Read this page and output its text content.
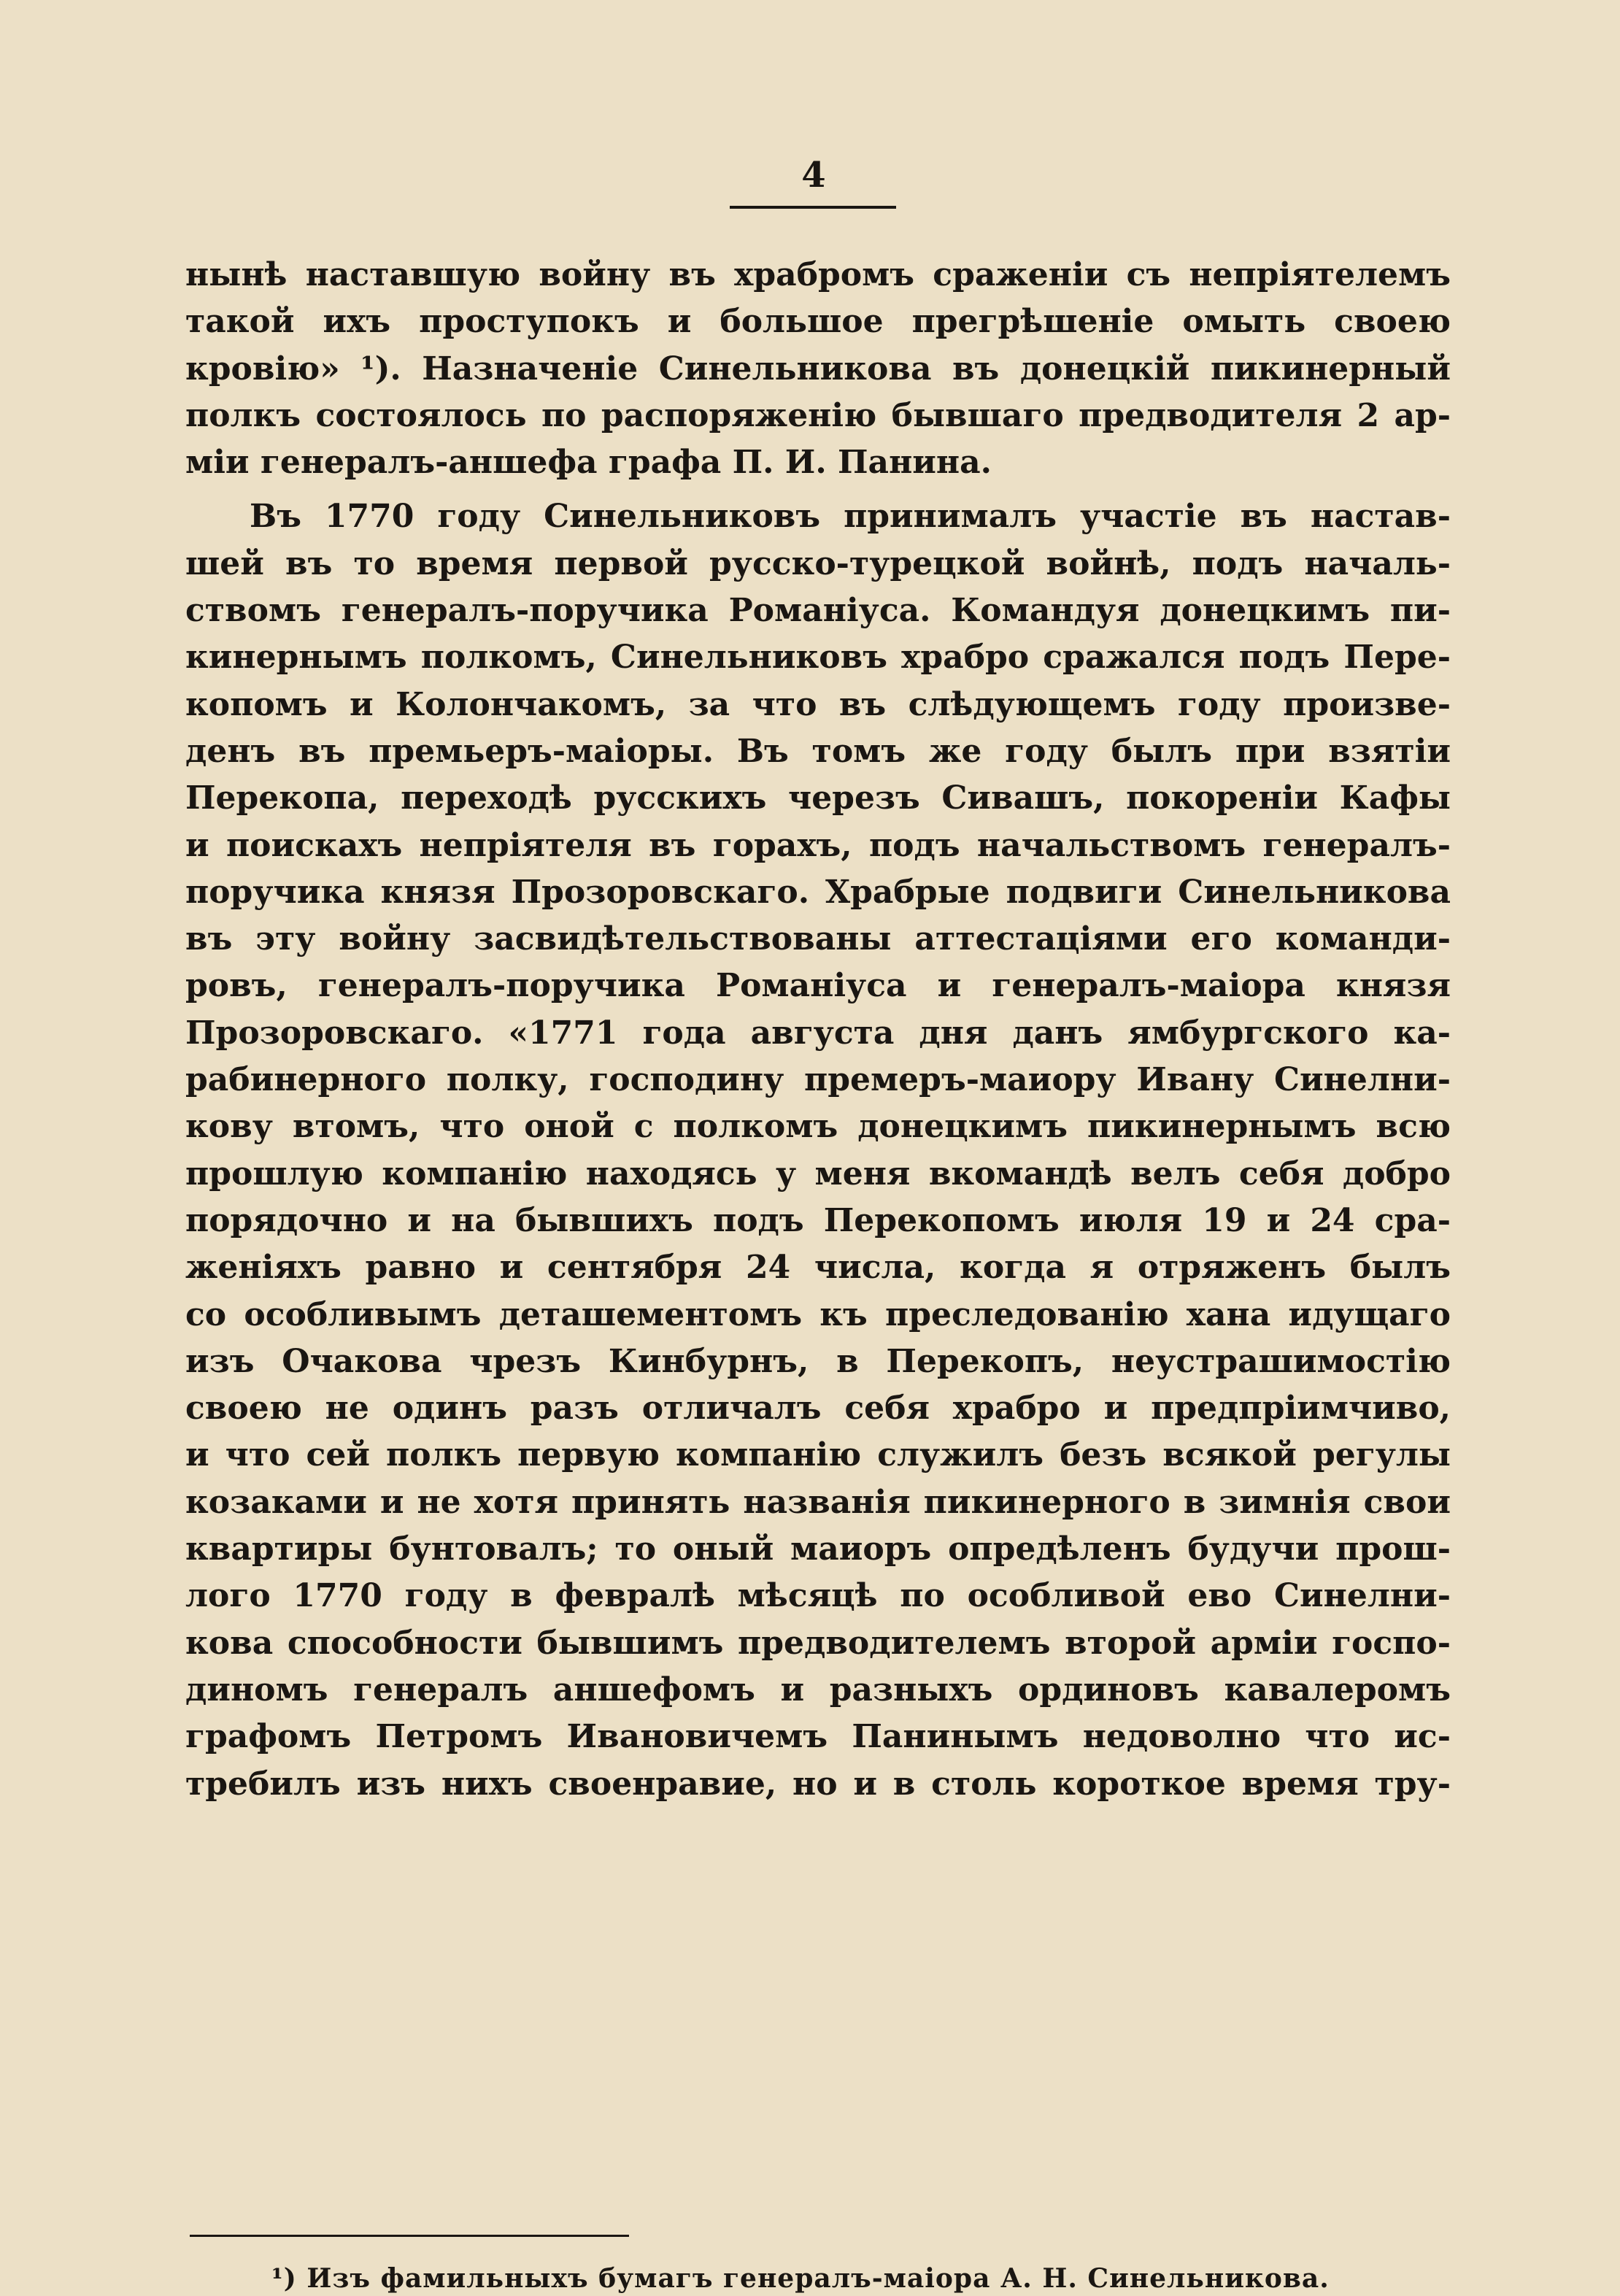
4
нынѣ наставшую войну въ храбромъ сраженіи съ непріятелемъ
такой ихъ проступокъ и большое прегрѣшеніе омыть своею
кровію» ¹). Назначеніе Синельникова въ донецкій пикинерный
полкъ состоялось по распоряженію бывшаго предводителя 2 ар-
міи генералъ-аншефа графа П. И. Панина.
Въ 1770 году Синельниковъ принималъ участіе въ настав-
шей въ то время первой русско-турецкой войнѣ, подъ началь-
ствомъ генералъ-поручика Романіуса. Командуя донецкимъ пи-
кинернымъ полкомъ, Синельниковъ храбро сражался подъ Пере-
копомъ и Колончакомъ, за что въ слѣдующемъ году произве-
денъ въ премьеръ-маіоры. Въ томъ же году былъ при взятіи
Перекопа, переходѣ русскихъ черезъ Сивашъ, покореніи Кафы
и поискахъ непріятеля въ горахъ, подъ начальствомъ генералъ-
поручика князя Прозоровскаго. Храбрые подвиги Синельникова
въ эту войну засвидѣтельствованы аттестаціями его команди-
ровъ, генералъ-поручика Романіуса и генералъ-маіора князя
Прозоровскаго. «1771 года августа дня данъ ямбургского ка-
рабинерного полку, господину премеръ-маиору Ивану Синелни-
кову втомъ, что оной с полкомъ донецкимъ пикинернымъ всю
прошлую компанію находясь у меня вкомандѣ велъ себя добро
порядочно и на бывшихъ подъ Перекопомъ июля 19 и 24 сра-
женіяхъ равно и сентября 24 числа, когда я отряженъ былъ
со особливымъ деташементомъ къ преследованію хана идущаго
изъ Очакова чрезъ Кинбурнъ, в Перекопъ, неустрашимостію
своею не одинъ разъ отличалъ себя храбро и предпріимчиво,
и что сей полкъ первую компанію служилъ безъ всякой регулы
козаками и не хотя принять названія пикинерного в зимнія свои
квартиры бунтовалъ; то оный маиоръ опредѣленъ будучи прош-
лого 1770 году в февралѣ мѣсяцѣ по особливой ево Синелни-
кова способности бывшимъ предводителемъ второй арміи госпо-
диномъ генералъ аншефомъ и разныхъ ординовъ кавалеромъ
графомъ Петромъ Ивановичемъ Панинымъ недоволно что ис-
требилъ изъ нихъ своенравие, но и в столь короткое время тру-
¹) Изъ фамильныхъ бумагъ генералъ-маіора А. Н. Синельникова.
